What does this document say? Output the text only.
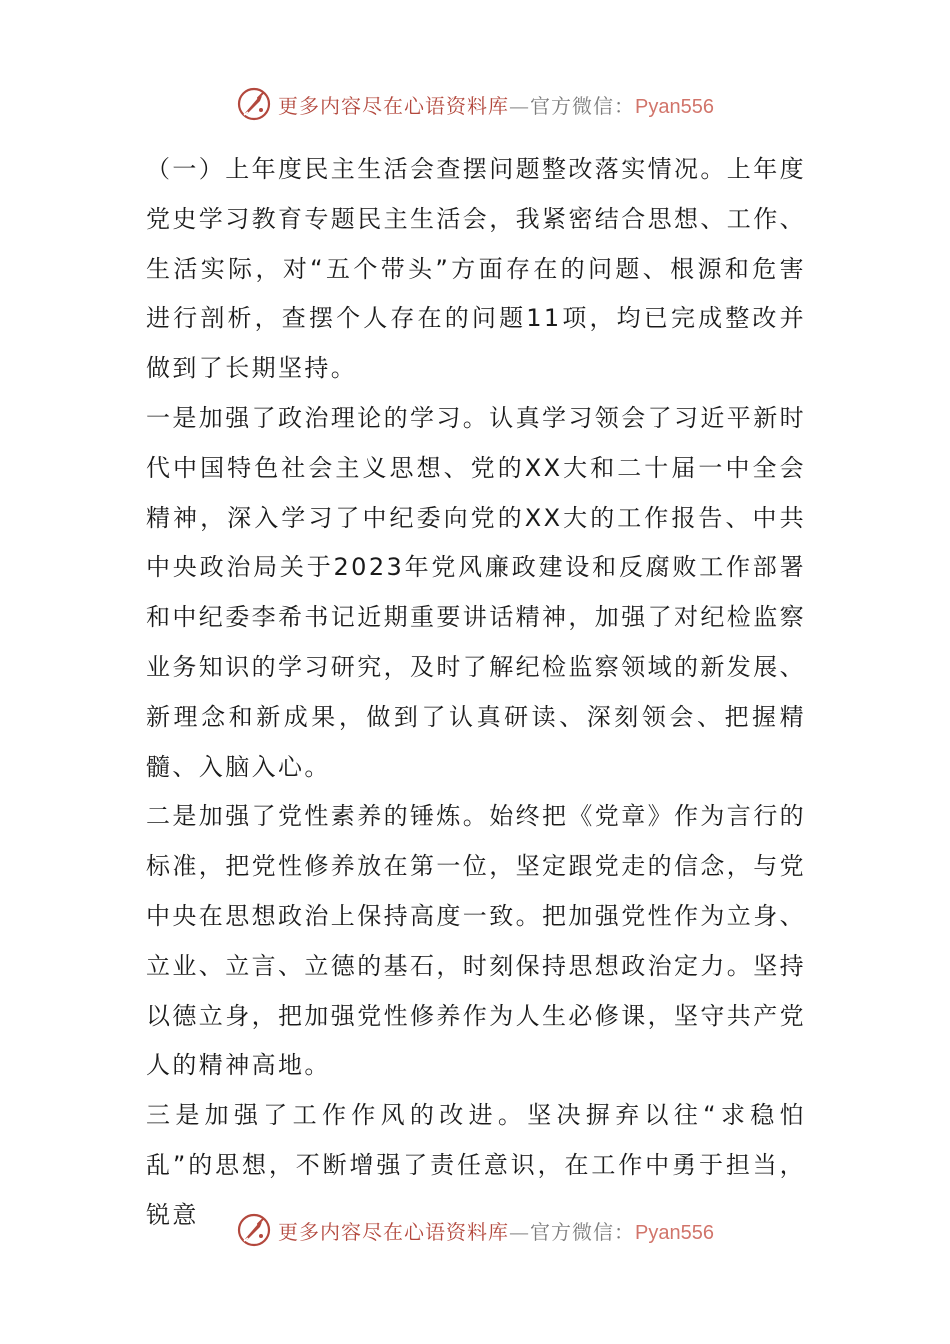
更多内容尽在心语资料库—官方微信：Pyan556

（一）上年度民主生活会查摆问题整改落实情况。上年度党史学习教育专题民主生活会，我紧密结合思想、工作、生活实际，对“五个带头”方面存在的问题、根源和危害进行剖析，查摆个人存在的问题11项，均已完成整改并做到了长期坚持。

一是加强了政治理论的学习。认真学习领会了习近平新时代中国特色社会主义思想、党的XX大和二十届一中全会精神，深入学习了中纪委向党的XX大的工作报告、中共中央政治局关于2023年党风廉政建设和反腐败工作部署和中纪委李希书记近期重要讲话精神，加强了对纪检监察业务知识的学习研究，及时了解纪检监察领域的新发展、新理念和新成果，做到了认真研读、深刻领会、把握精髓、入脑入心。

二是加强了党性素养的锤炼。始终把《党章》作为言行的标准，把党性修养放在第一位，坚定跟党走的信念，与党中央在思想政治上保持高度一致。把加强党性作为立身、立业、立言、立德的基石，时刻保持思想政治定力。坚持以德立身，把加强党性修养作为人生必修课，坚守共产党人的精神高地。

三是加强了工作作风的改进。坚决摒弃以往“求稳怕乱”的思想，不断增强了责任意识，在工作中勇于担当，锐意

更多内容尽在心语资料库—官方微信：Pyan556
